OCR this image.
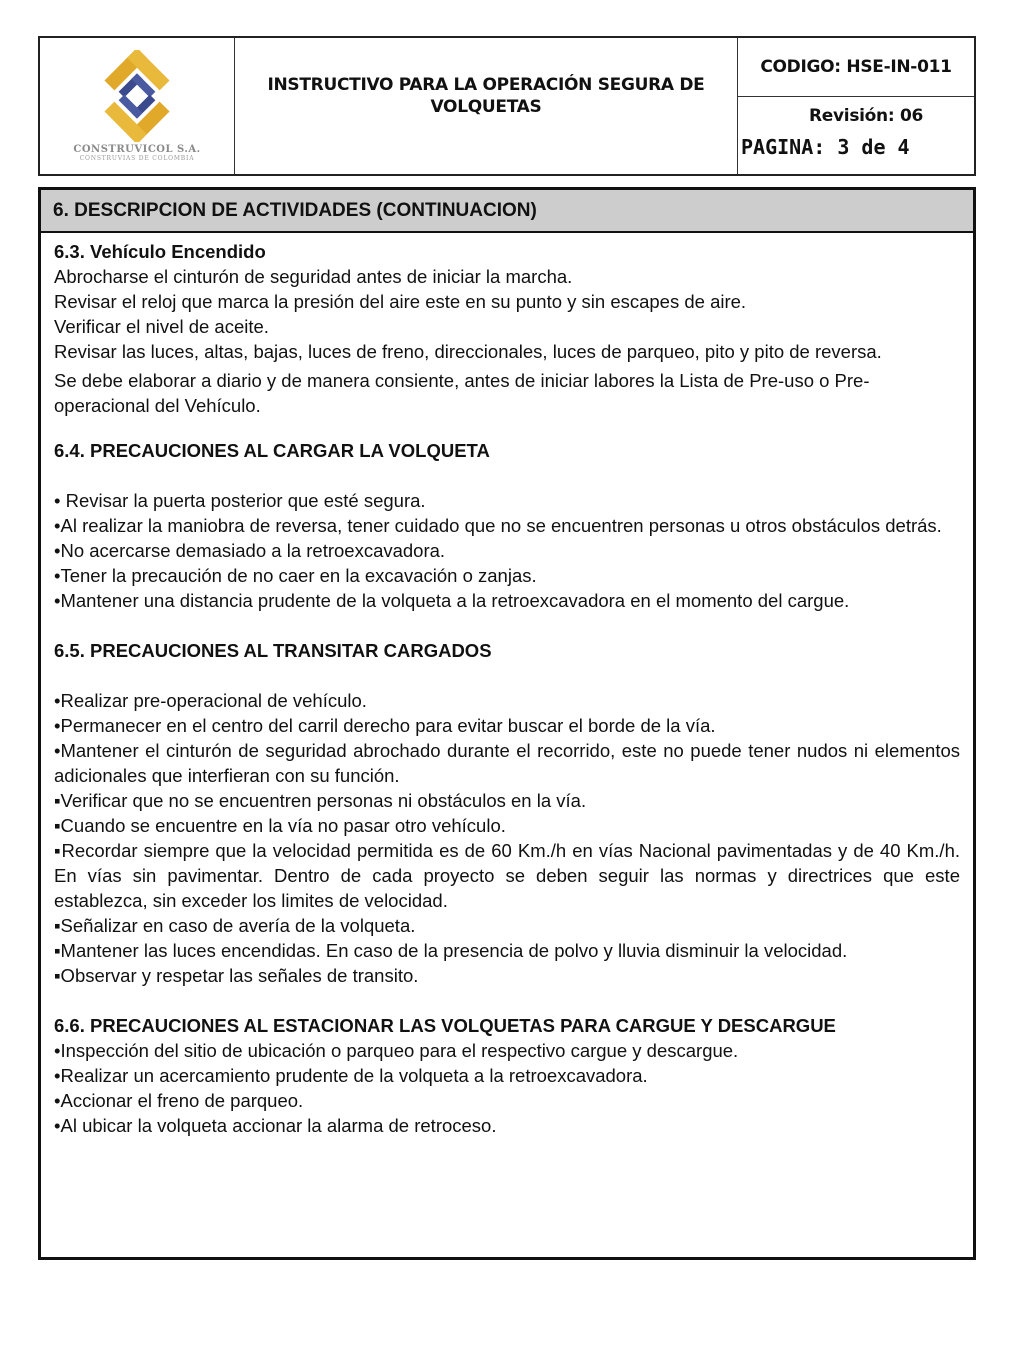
CONSTRUVICOL S.A.
CONSTRUVIAS DE COLOMBIA
INSTRUCTIVO PARA LA OPERACIÓN SEGURA DE VOLQUETAS
CODIGO: HSE-IN-011
Revisión: 06
PAGINA: 3 de 4
6. DESCRIPCION DE ACTIVIDADES (CONTINUACION)

6.3. Vehículo Encendido

Abrocharse el cinturón de seguridad antes de iniciar la marcha.

Revisar el reloj que marca la presión del aire este en su punto y sin escapes de aire.

Verificar el nivel de aceite.

Revisar las luces, altas, bajas, luces de freno, direccionales, luces de parqueo, pito y pito de reversa.

Se debe elaborar a diario y de manera consiente, antes de iniciar labores la Lista de Pre-uso o Pre-operacional del Vehículo.

6.4. PRECAUCIONES AL CARGAR LA VOLQUETA

• Revisar la puerta posterior que esté segura.

•Al realizar la maniobra de reversa, tener cuidado que no se encuentren personas u otros obstáculos detrás.

•No acercarse demasiado a la retroexcavadora.

•Tener la precaución de no caer en la excavación o zanjas.

•Mantener una distancia prudente de la volqueta a la retroexcavadora en el momento del cargue.

6.5. PRECAUCIONES AL TRANSITAR CARGADOS

•Realizar pre-operacional de vehículo.

•Permanecer en el centro del carril derecho para evitar buscar el borde de la vía.

•Mantener el cinturón de seguridad abrochado durante el recorrido, este no puede tener nudos ni elementos adicionales que interfieran con su función.

▪Verificar que no se encuentren personas ni obstáculos en la vía.

▪Cuando se encuentre en la vía no pasar otro vehículo.

▪Recordar siempre que la velocidad permitida es de 60 Km./h en vías Nacional pavimentadas y de 40 Km./h. En vías sin pavimentar. Dentro de cada proyecto se deben seguir las normas y directrices que este establezca, sin exceder los limites de velocidad.

▪Señalizar en caso de avería de la volqueta.

▪Mantener las luces encendidas. En caso de la presencia de polvo y lluvia disminuir la velocidad.

▪Observar y respetar las señales de transito.

6.6. PRECAUCIONES AL ESTACIONAR LAS VOLQUETAS PARA CARGUE Y DESCARGUE

•Inspección del sitio de ubicación o parqueo para el respectivo cargue y descargue.

•Realizar un acercamiento prudente de la volqueta a la retroexcavadora.

•Accionar el freno de parqueo.

•Al ubicar la volqueta accionar la alarma de retroceso.
